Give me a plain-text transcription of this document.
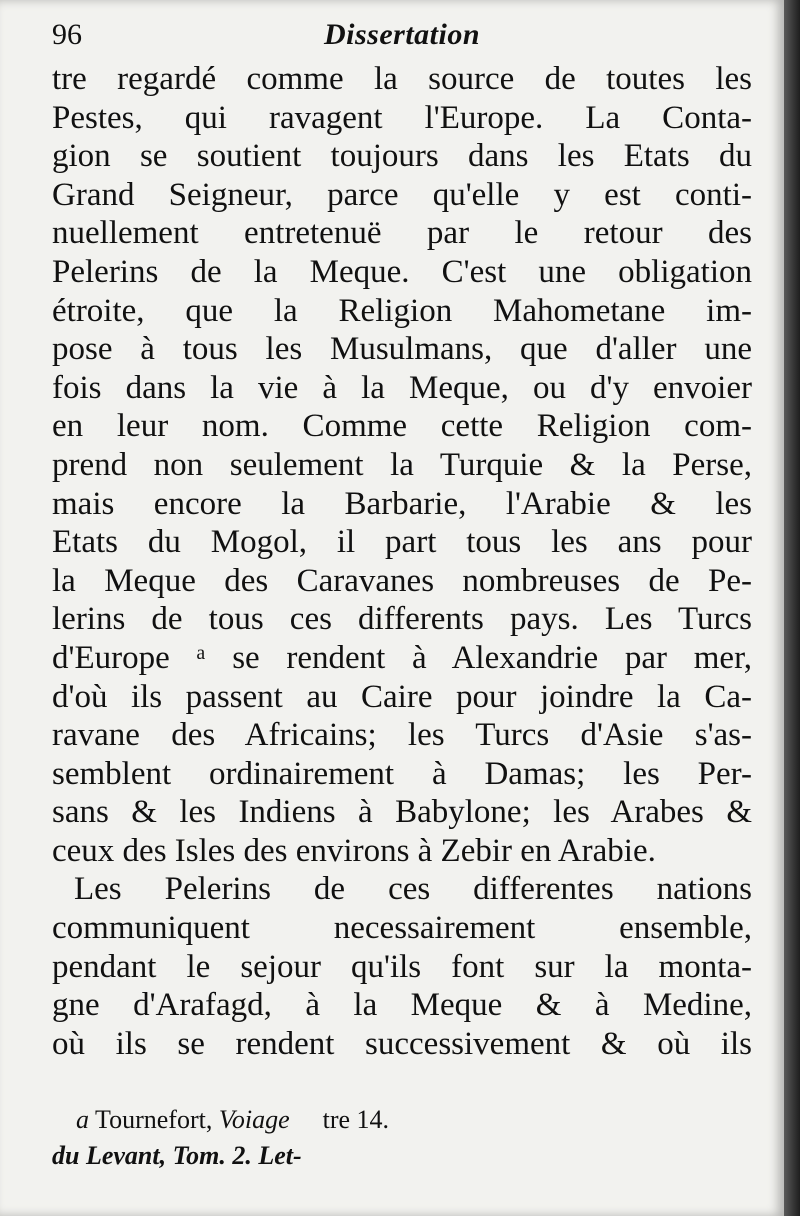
96	Dissertation
tre regardé comme la source de toutes les
Pestes, qui ravagent l'Europe. La Conta-
gion se soutient toujours dans les Etats du
Grand Seigneur, parce qu'elle y est conti-
nuellement entretenuë par le retour des
Pelerins de la Meque. C'est une obligation
étroite, que la Religion Mahometane im-
pose à tous les Musulmans, que d'aller une
fois dans la vie à la Meque, ou d'y envoier
en leur nom. Comme cette Religion com-
prend non seulement la Turquie & la Perse,
mais encore la Barbarie, l'Arabie & les
Etats du Mogol, il part tous les ans pour
la Meque des Caravanes nombreuses de Pe-
lerins de tous ces differents pays. Les Turcs
d'Europe ᵃ se rendent à Alexandrie par mer,
d'où ils passent au Caire pour joindre la Ca-
ravane des Africains; les Turcs d'Asie s'as-
semblent ordinairement à Damas; les Per-
sans & les Indiens à Babylone; les Arabes &
ceux des Isles des environs à Zebir en Arabie.
Les Pelerins de ces differentes nations
communiquent necessairement ensemble,
pendant le sejour qu'ils font sur la monta-
gne d'Arafagd, à la Meque & à Medine,
où ils se rendent successivement & où ils
a Tournefort, Voiage tre 14.
du Levant, Tom. 2. Let-
